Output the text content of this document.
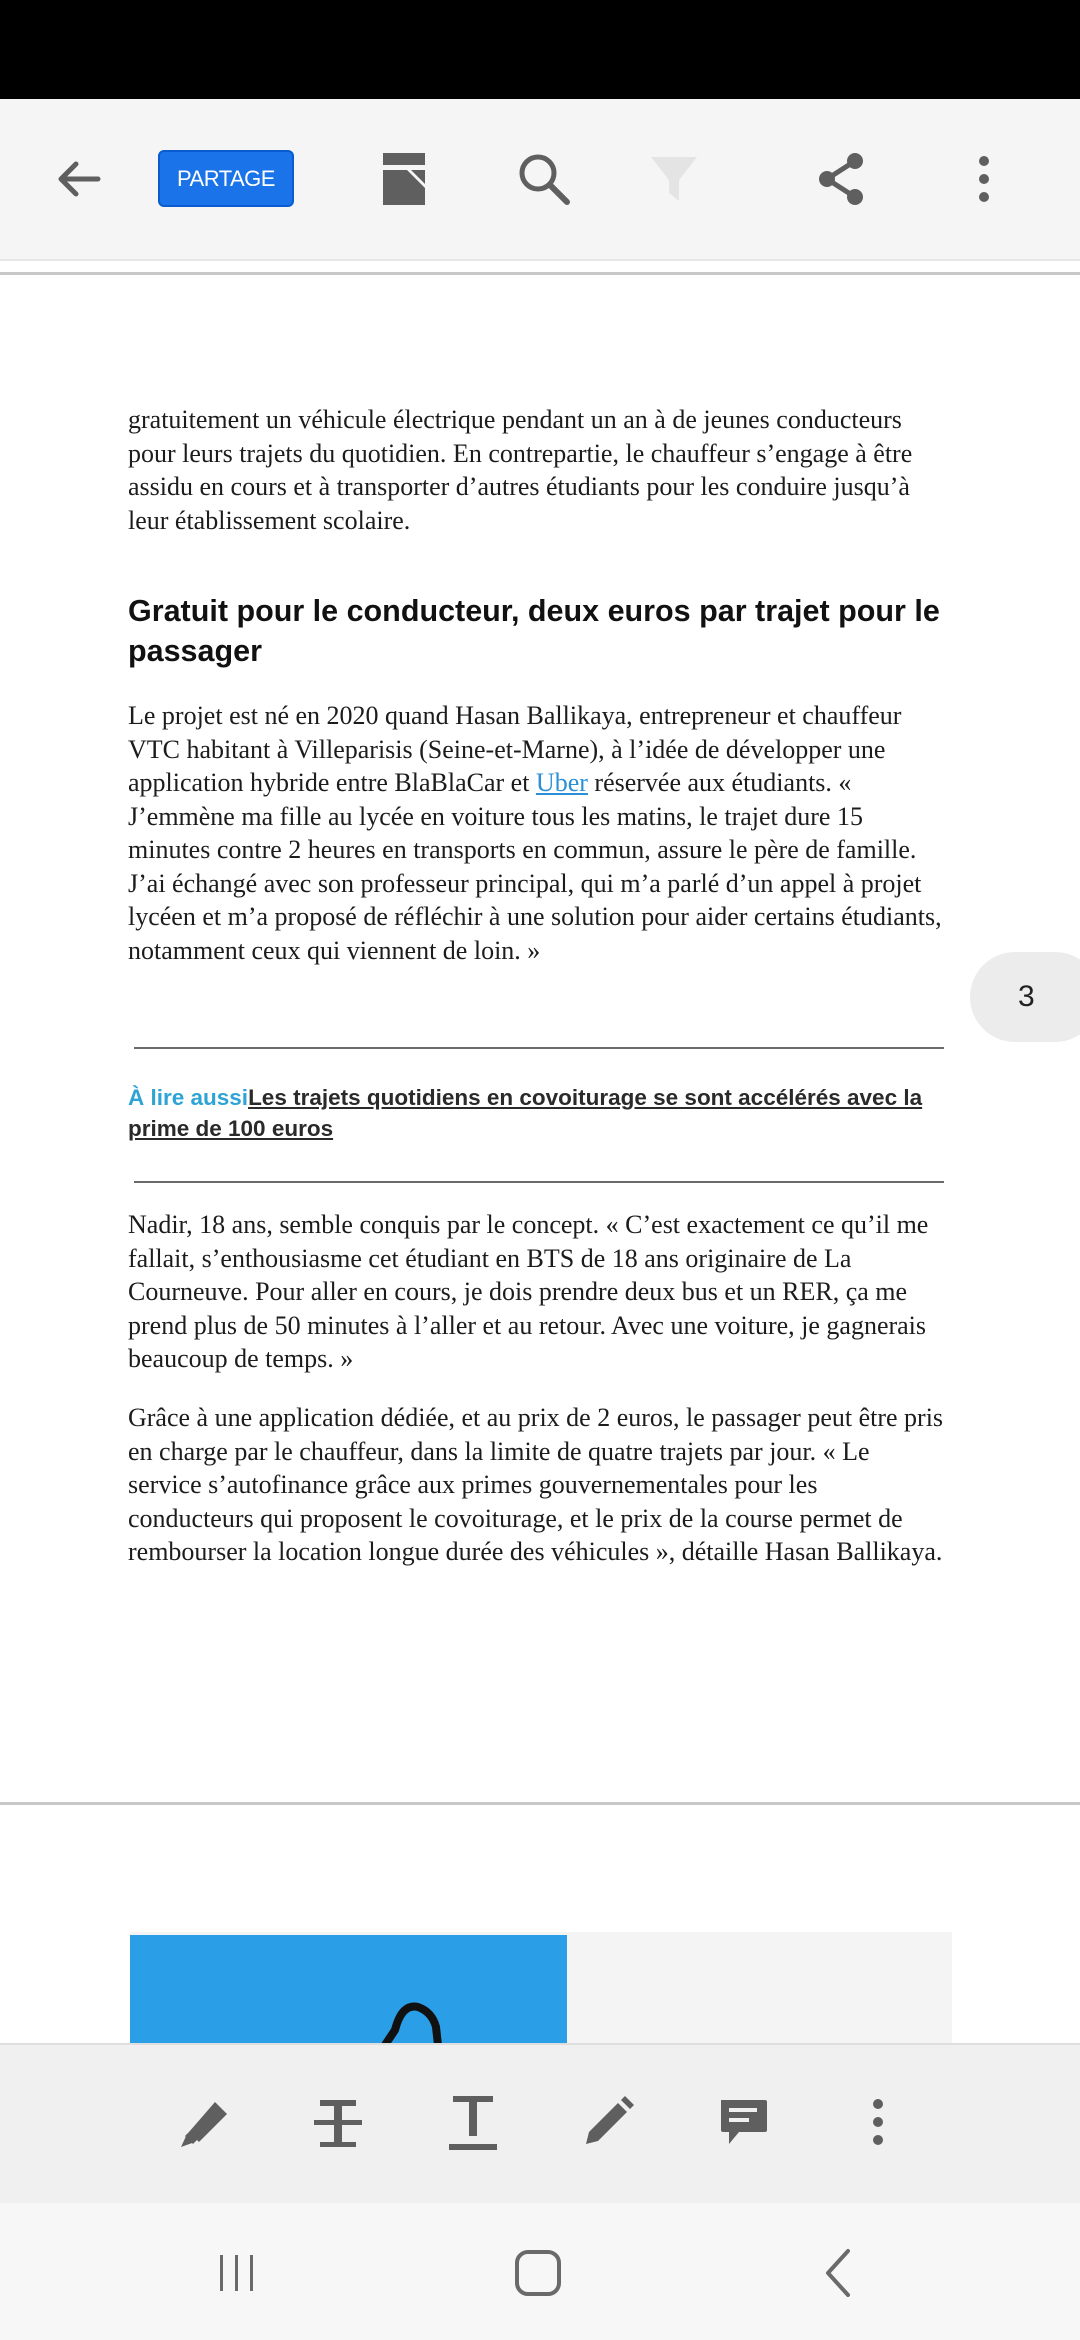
PARTAGE

gratuitement un véhicule électrique pendant un an à de jeunes conducteurs pour leurs trajets du quotidien. En contrepartie, le chauffeur s’engage à être assidu en cours et à transporter d’autres étudiants pour les conduire jusqu’à leur établissement scolaire.

Gratuit pour le conducteur, deux euros par trajet pour le passager

Le projet est né en 2020 quand Hasan Ballikaya, entrepreneur et chauffeur VTC habitant à Villeparisis (Seine-et-Marne), à l’idée de développer une application hybride entre BlaBlaCar et Uber réservée aux étudiants. « J’emmène ma fille au lycée en voiture tous les matins, le trajet dure 15 minutes contre 2 heures en transports en commun, assure le père de famille. J’ai échangé avec son professeur principal, qui m’a parlé d’un appel à projet lycéen et m’a proposé de réfléchir à une solution pour aider certains étudiants, notamment ceux qui viennent de loin. »

À lire aussiLes trajets quotidiens en covoiturage se sont accélérés avec la prime de 100 euros

Nadir, 18 ans, semble conquis par le concept. « C’est exactement ce qu’il me fallait, s’enthousiasme cet étudiant en BTS de 18 ans originaire de La Courneuve. Pour aller en cours, je dois prendre deux bus et un RER, ça me prend plus de 50 minutes à l’aller et au retour. Avec une voiture, je gagnerais beaucoup de temps. »

Grâce à une application dédiée, et au prix de 2 euros, le passager peut être pris en charge par le chauffeur, dans la limite de quatre trajets par jour. « Le service s’autofinance grâce aux primes gouvernementales pour les conducteurs qui proposent le covoiturage, et le prix de la course permet de rembourser la location longue durée des véhicules », détaille Hasan Ballikaya.

3
